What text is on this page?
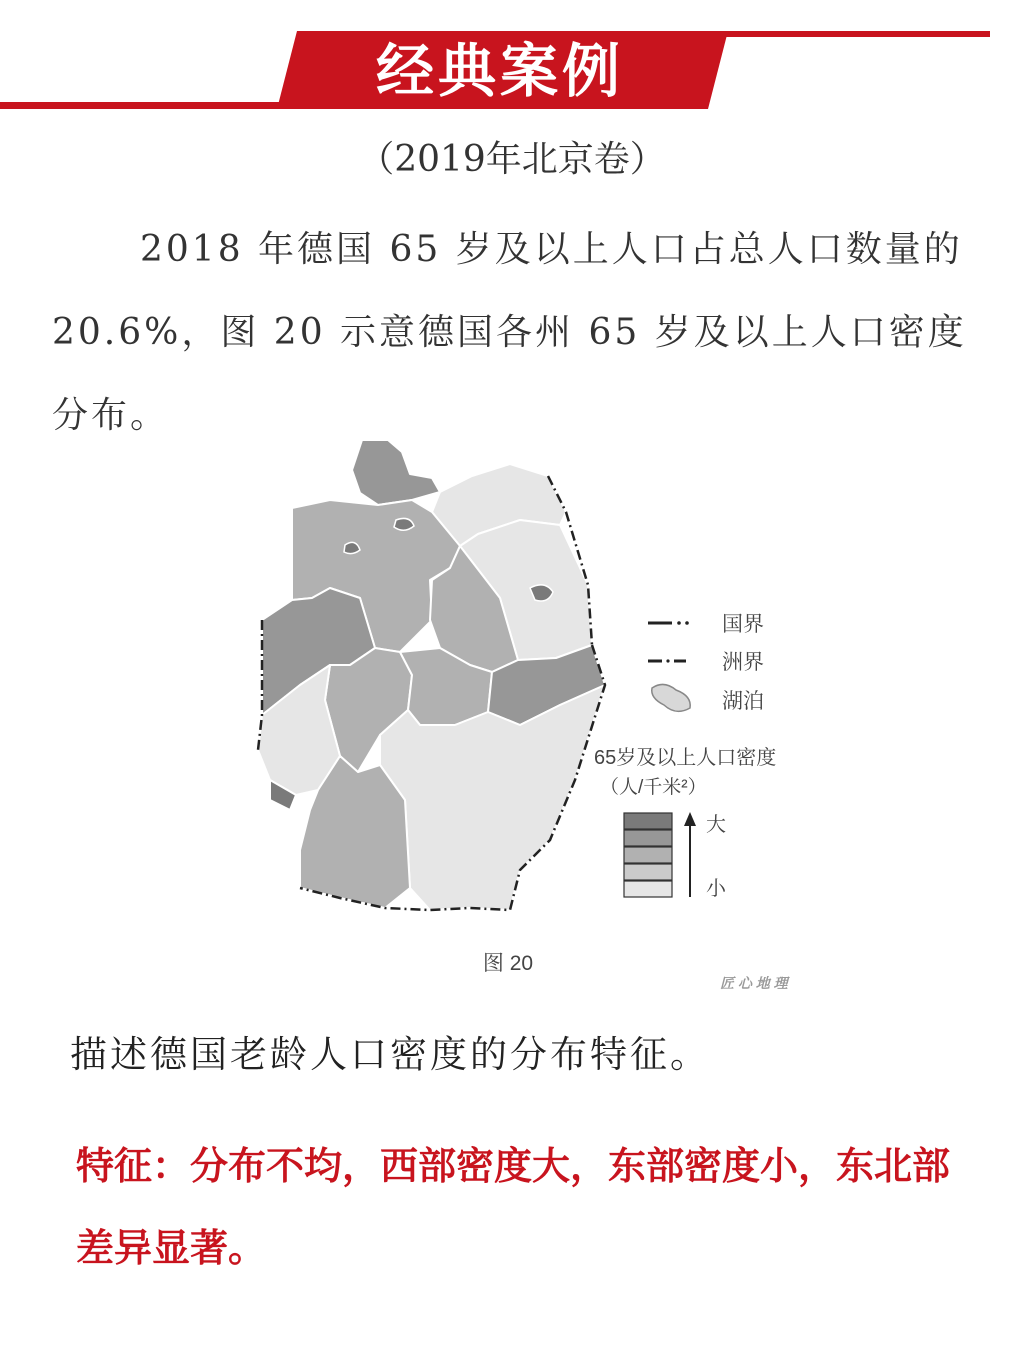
经典案例
（2019年北京卷）

2018 年德国 65 岁及以上人口占总人口数量的 20.6%，图 20 示意德国各州 65 岁及以上人口密度分布。

国界
洲界
湖泊
65岁及以上人口密度
（人/千米²）
大
小
图 20
匠 心 地 理

描述德国老龄人口密度的分布特征。

特征：分布不均，西部密度大，东部密度小，东北部差异显著。
